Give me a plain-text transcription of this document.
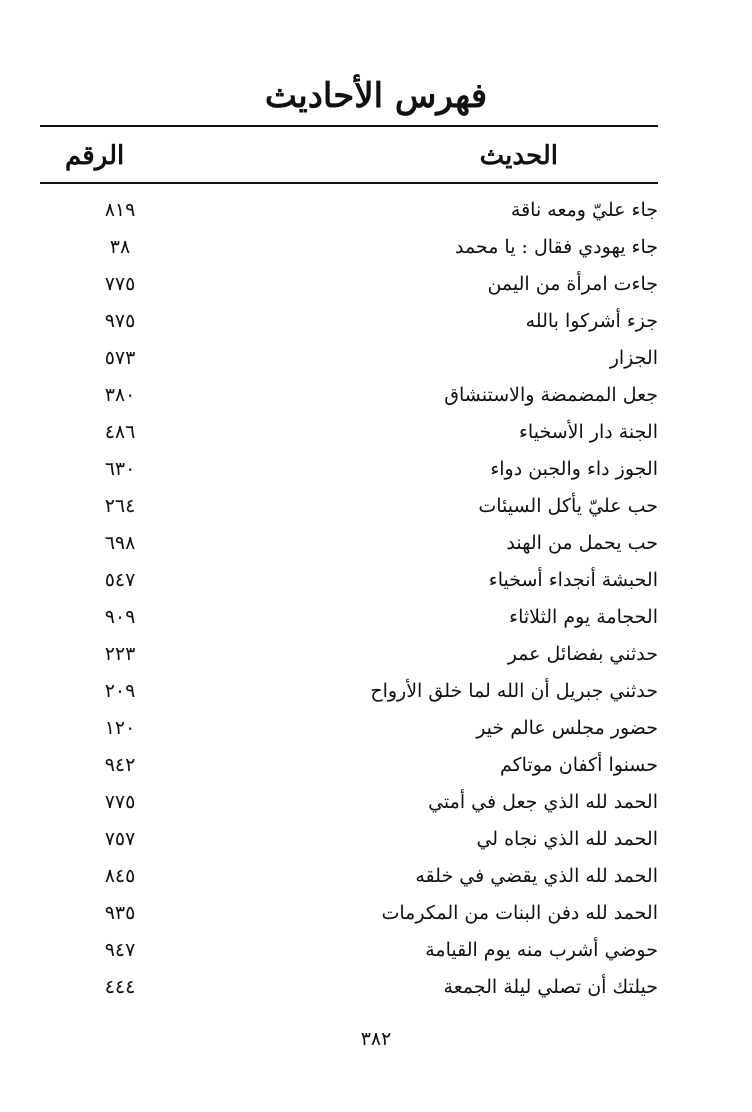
فهرس الأحاديث
الحديث
الرقم
جاء عليّ ومعه ناقة
٨١٩
جاء يهودي فقال : يا محمد
٣٨
جاءت امرأة من اليمن
٧٧٥
جزء أشركوا بالله
٩٧٥
الجزار
٥٧٣
جعل المضمضة والاستنشاق
٣٨٠
الجنة دار الأسخياء
٤٨٦
الجوز داء والجبن دواء
٦٣٠
حب عليّ يأكل السيئات
٢٦٤
حب يحمل من الهند
٦٩٨
الحبشة أنجداء أسخياء
٥٤٧
الحجامة يوم الثلاثاء
٩٠٩
حدثني بفضائل عمر
٢٢٣
حدثني جبريل أن الله لما خلق الأرواح
٢٠٩
حضور مجلس عالم خير
١٢٠
حسنوا أكفان موتاكم
٩٤٢
الحمد لله الذي جعل في أمتي
٧٧٥
الحمد لله الذي نجاه لي
٧٥٧
الحمد لله الذي يقضي في خلقه
٨٤٥
الحمد لله دفن البنات من المكرمات
٩٣٥
حوضي أشرب منه يوم القيامة
٩٤٧
حيلتك أن تصلي ليلة الجمعة
٤٤٤
٣٨٢
